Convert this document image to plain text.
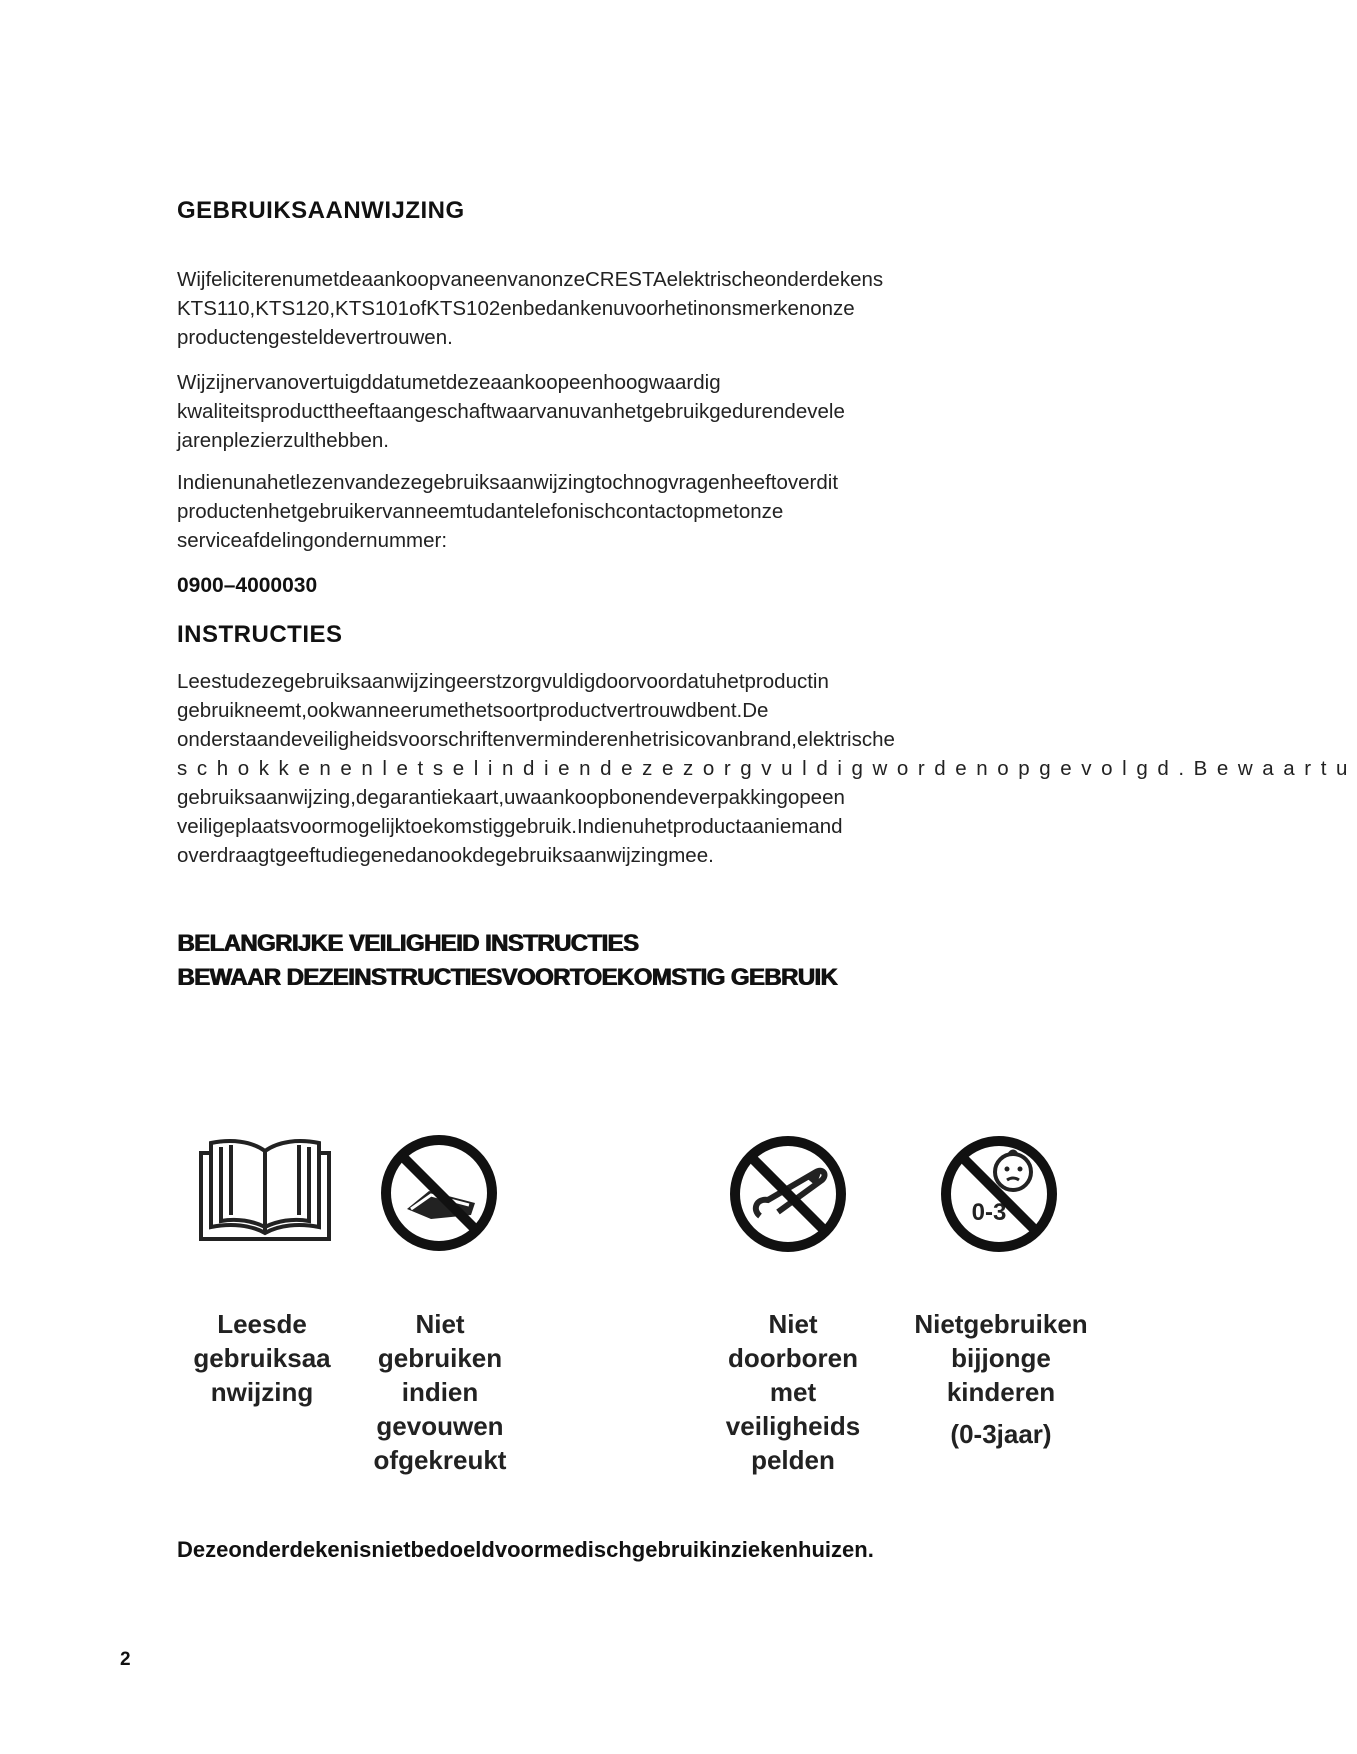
GEBRUIKSAANWIJZING
WijfeliciterenumetdeaankoopvaneenvanonzeCRESTAelektrischeonderdekens
KTS110,KTS120,KTS101ofKTS102enbedankenuvoorhetinonsmerkenonze
productengesteldevertrouwen.
Wijzijnervanovertuigddatumetdezeaankoopeenhoogwaardig
kwaliteitsproducttheeftaangeschaftwaarvanuvanhetgebruikgedurendevele
jarenplezierzulthebben.
Indienunahetlezenvandezegebruiksaanwijzingtochnogvragenheeftoverdit
productenhetgebruikervanneemtudantelefonischcontactopmetonze
serviceafdelingondernummer:
0900–4000030
INSTRUCTIES
Leestudezegebruiksaanwijzingeerstzorgvuldigdoorvoordatuhetproductin
gebruikneemt,ookwanneerumethetsoortproductvertrouwdbent.De
onderstaandeveiligheidsvoorschriftenverminderenhetrisicovanbrand,elektrische
schokkenenletselindiendezezorgvuldigwordenopgevolgd.Bewaartu
gebruiksaanwijzing,degarantiekaart,uwaankoopbonendeverpakkingopeen
veiligeplaatsvoormogelijktoekomstiggebruik.Indienuhetproductaaniemand
overdraagtgeeftudiegenedanookdegebruiksaanwijzingmee.
BELANGRIJKE VEILIGHEID INSTRUCTIES
BEWAAR DEZEINSTRUCTIESVOORTOEKOMSTIG GEBRUIK
0-3
Leesde
gebruiksaa
nwijzing
Niet
gebruiken
indien
gevouwen
ofgekreukt
Niet
doorboren
met
veiligheids
pelden
Nietgebruiken
bijjonge
kinderen
(0-3jaar)
Dezeonderdekenisnietbedoeldvoormedischgebruikinziekenhuizen.
2
